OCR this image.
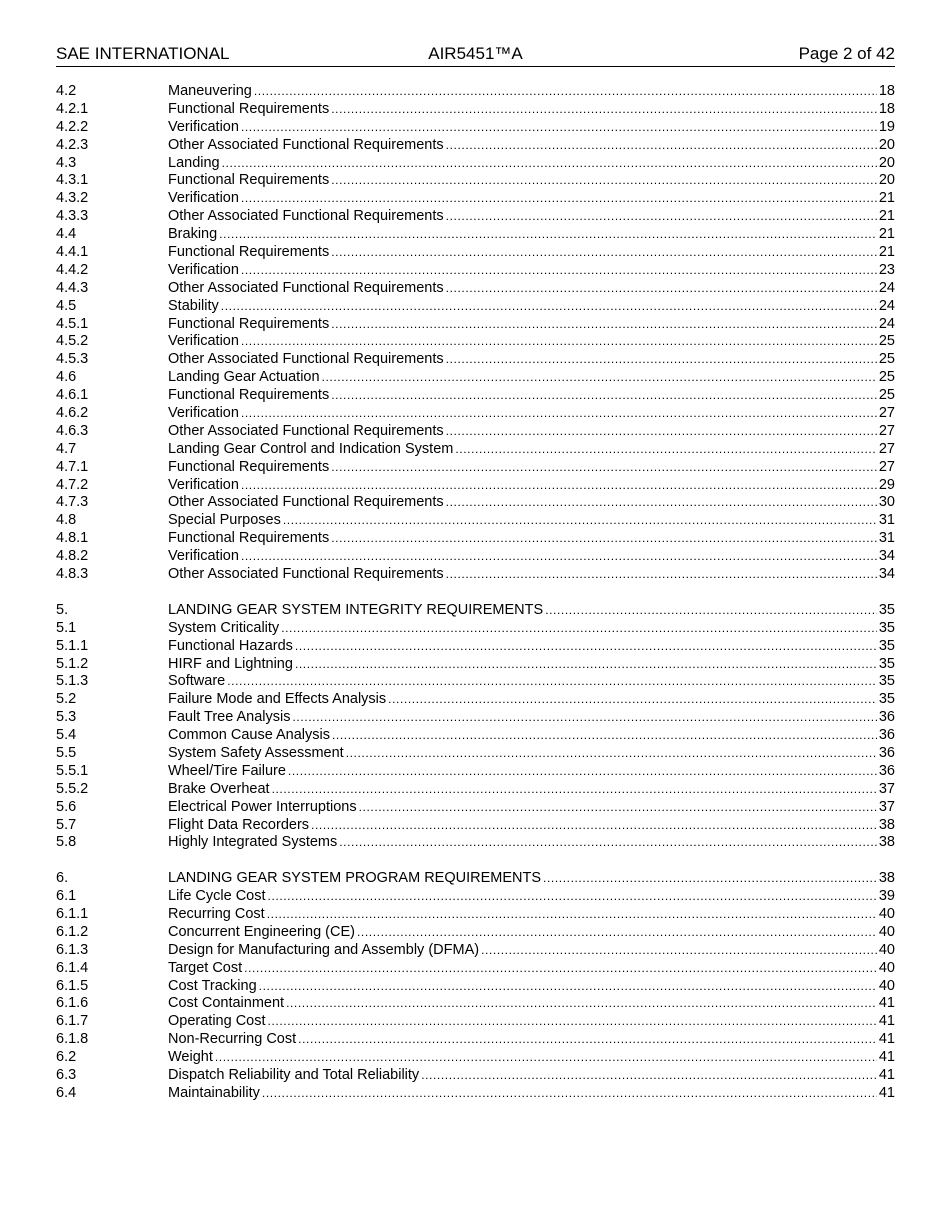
SAE INTERNATIONAL	AIR5451™A	Page 2 of 42
4.2	Maneuvering .....	18
4.2.1	Functional Requirements .....	18
4.2.2	Verification .....	19
4.2.3	Other Associated Functional Requirements .....	20
4.3	Landing .....	20
4.3.1	Functional Requirements .....	20
4.3.2	Verification .....	21
4.3.3	Other Associated Functional Requirements .....	21
4.4	Braking .....	21
4.4.1	Functional Requirements .....	21
4.4.2	Verification .....	23
4.4.3	Other Associated Functional Requirements .....	24
4.5	Stability .....	24
4.5.1	Functional Requirements .....	24
4.5.2	Verification .....	25
4.5.3	Other Associated Functional Requirements .....	25
4.6	Landing Gear Actuation .....	25
4.6.1	Functional Requirements .....	25
4.6.2	Verification .....	27
4.6.3	Other Associated Functional Requirements .....	27
4.7	Landing Gear Control and Indication System .....	27
4.7.1	Functional Requirements .....	27
4.7.2	Verification .....	29
4.7.3	Other Associated Functional Requirements .....	30
4.8	Special Purposes .....	31
4.8.1	Functional Requirements .....	31
4.8.2	Verification .....	34
4.8.3	Other Associated Functional Requirements .....	34
5.	LANDING GEAR SYSTEM INTEGRITY REQUIREMENTS .....	35
5.1	System Criticality .....	35
5.1.1	Functional Hazards .....	35
5.1.2	HIRF and Lightning .....	35
5.1.3	Software .....	35
5.2	Failure Mode and Effects Analysis .....	35
5.3	Fault Tree Analysis .....	36
5.4	Common Cause Analysis .....	36
5.5	System Safety Assessment .....	36
5.5.1	Wheel/Tire Failure .....	36
5.5.2	Brake Overheat .....	37
5.6	Electrical Power Interruptions .....	37
5.7	Flight Data Recorders .....	38
5.8	Highly Integrated Systems .....	38
6.	LANDING GEAR SYSTEM PROGRAM REQUIREMENTS .....	38
6.1	Life Cycle Cost .....	39
6.1.1	Recurring Cost .....	40
6.1.2	Concurrent Engineering (CE) .....	40
6.1.3	Design for Manufacturing and Assembly (DFMA) .....	40
6.1.4	Target Cost .....	40
6.1.5	Cost Tracking .....	40
6.1.6	Cost Containment .....	41
6.1.7	Operating Cost .....	41
6.1.8	Non-Recurring Cost .....	41
6.2	Weight .....	41
6.3	Dispatch Reliability and Total Reliability .....	41
6.4	Maintainability .....	41
